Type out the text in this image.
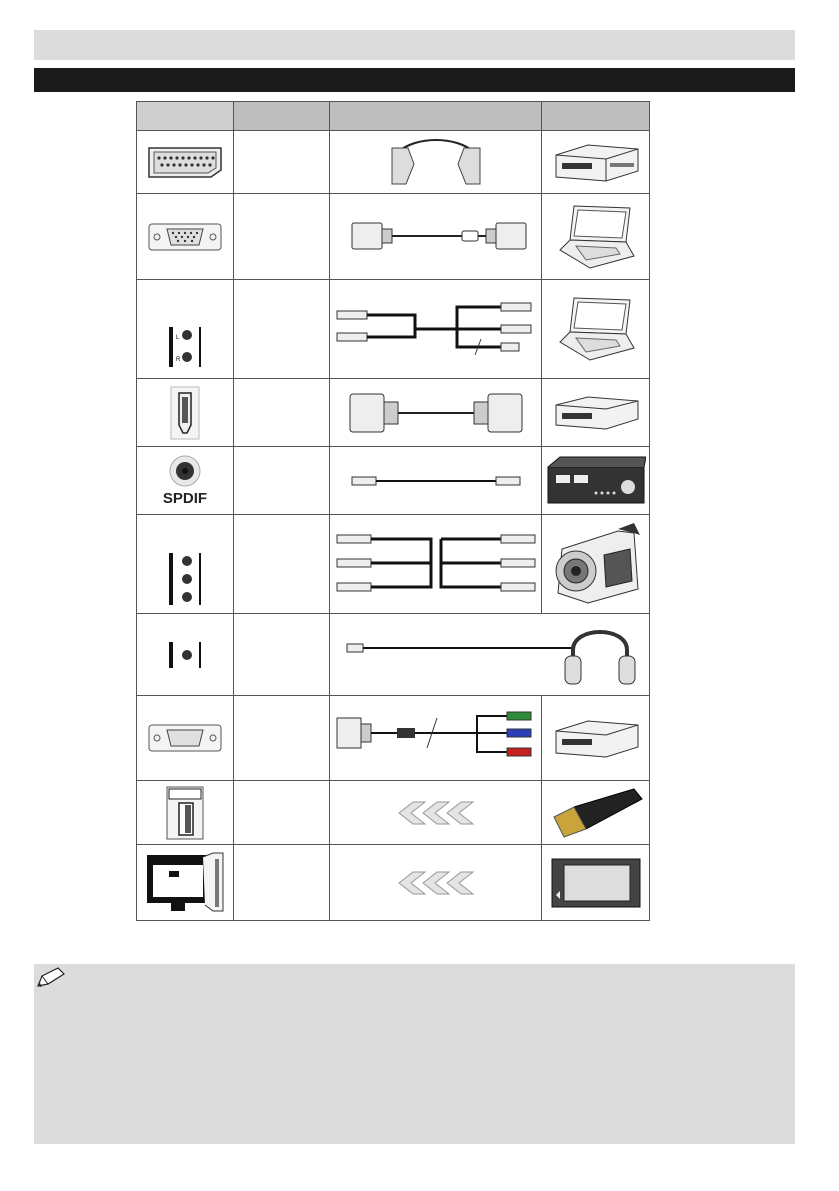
L
R

SPDIF
